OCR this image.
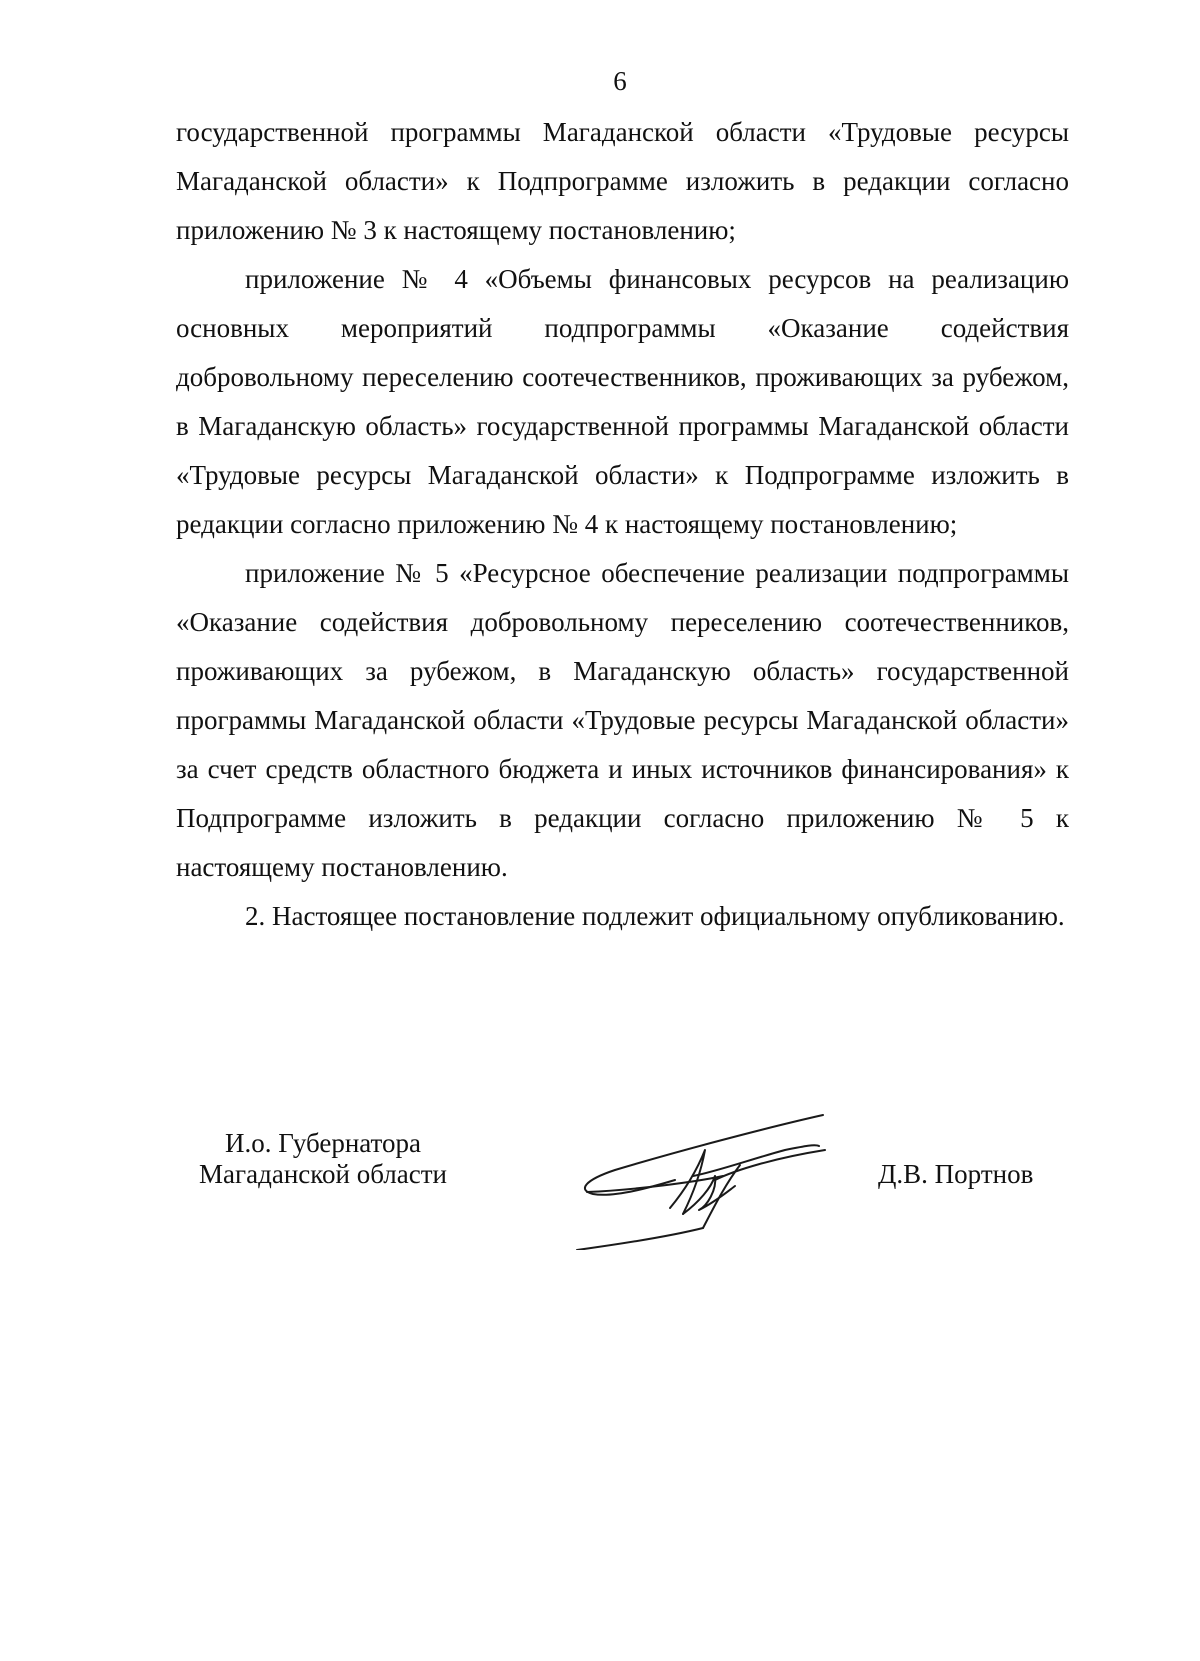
6

государственной программы Магаданской области «Трудовые ресурсы Магаданской области» к Подпрограмме изложить в редакции согласно приложению № 3 к настоящему постановлению;

приложение № 4 «Объемы финансовых ресурсов на реализацию основных мероприятий подпрограммы «Оказание содействия добровольному переселению соотечественников, проживающих за рубежом, в Магаданскую область» государственной программы Магаданской области «Трудовые ресурсы Магаданской области» к Подпрограмме изложить в редакции согласно приложению № 4 к настоящему постановлению;

приложение № 5 «Ресурсное обеспечение реализации подпрограммы «Оказание содействия добровольному переселению соотечественников, проживающих за рубежом, в Магаданскую область» государственной программы Магаданской области «Трудовые ресурсы Магаданской области» за счет средств областного бюджета и иных источников финансирования» к Подпрограмме изложить в редакции согласно приложению № 5 к настоящему постановлению.

2. Настоящее постановление подлежит официальному опубликованию.

И.о. Губернатора
Магаданской области	Д.В. Портнов
